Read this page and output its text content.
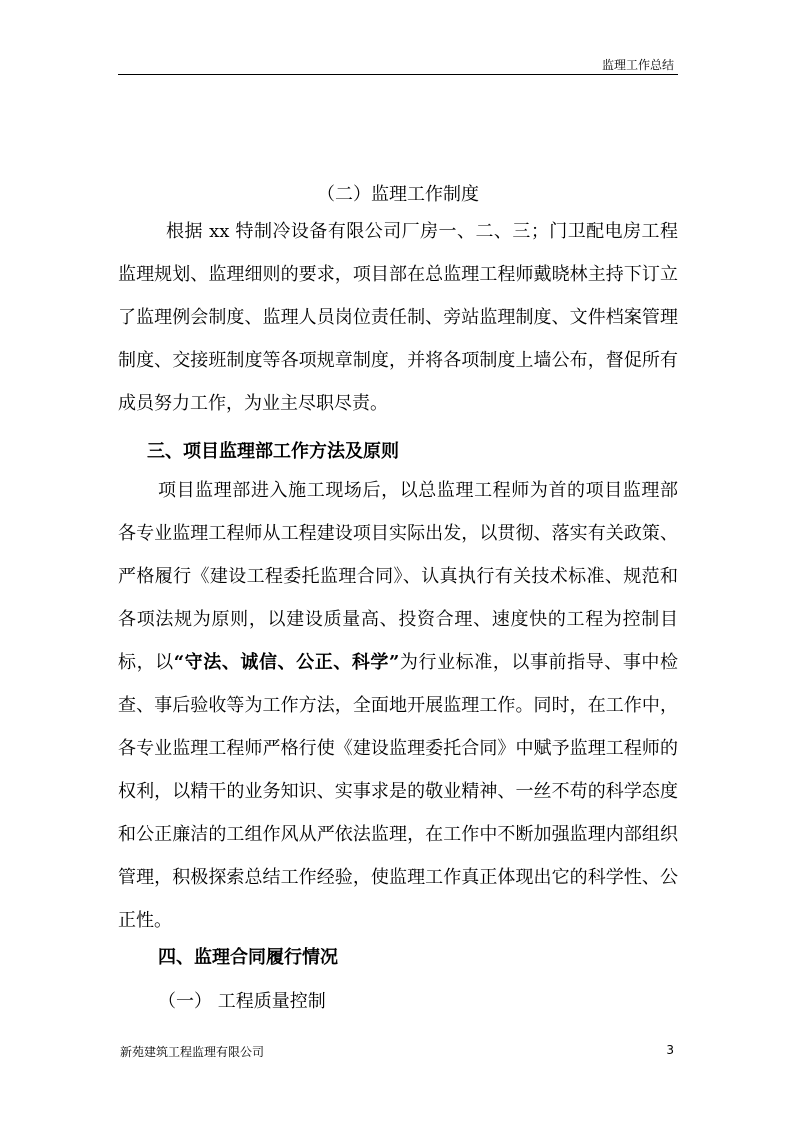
监理工作总结
（二）监理工作制度

根据 xx 特制冷设备有限公司厂房一、二、三；门卫配电房工程监理规划、监理细则的要求，项目部在总监理工程师戴晓林主持下订立了监理例会制度、监理人员岗位责任制、旁站监理制度、文件档案管理制度、交接班制度等各项规章制度，并将各项制度上墙公布，督促所有成员努力工作，为业主尽职尽责。

三、项目监理部工作方法及原则

项目监理部进入施工现场后，以总监理工程师为首的项目监理部各专业监理工程师从工程建设项目实际出发，以贯彻、落实有关政策、严格履行《建设工程委托监理合同》、认真执行有关技术标准、规范和各项法规为原则，以建设质量高、投资合理、速度快的工程为控制目标，以“守法、诚信、公正、科学”为行业标准，以事前指导、事中检查、事后验收等为工作方法，全面地开展监理工作。同时，在工作中，各专业监理工程师严格行使《建设监理委托合同》中赋予监理工程师的权利，以精干的业务知识、实事求是的敬业精神、一丝不苟的科学态度和公正廉洁的工组作风从严依法监理，在工作中不断加强监理内部组织管理，积极探索总结工作经验，使监理工作真正体现出它的科学性、公正性。

四、监理合同履行情况

（一） 工程质量控制

新苑建筑工程监理有限公司	3
